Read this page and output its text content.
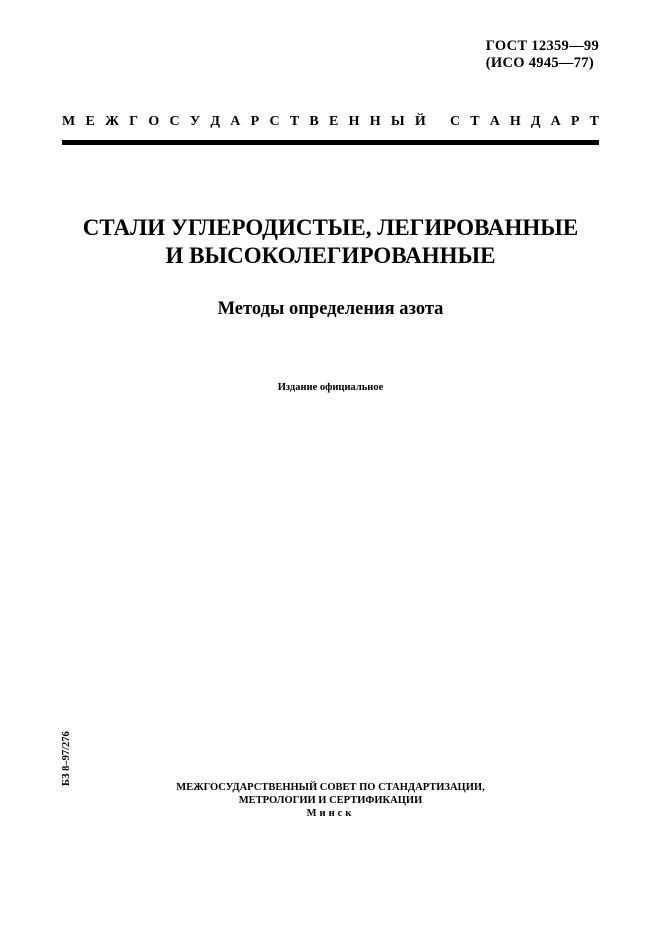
ГОСТ 12359—99
(ИСО 4945—77)
М Е Ж Г О С У Д А Р С Т В Е Н Н Ы Й С Т А Н Д А Р Т
СТАЛИ УГЛЕРОДИСТЫЕ, ЛЕГИРОВАННЫЕ
И ВЫСОКОЛЕГИРОВАННЫЕ
Методы определения азота
Издание официальное
БЗ 8–97/276
МЕЖГОСУДАРСТВЕННЫЙ СОВЕТ ПО СТАНДАРТИЗАЦИИ,
МЕТРОЛОГИИ И СЕРТИФИКАЦИИ
Минск
